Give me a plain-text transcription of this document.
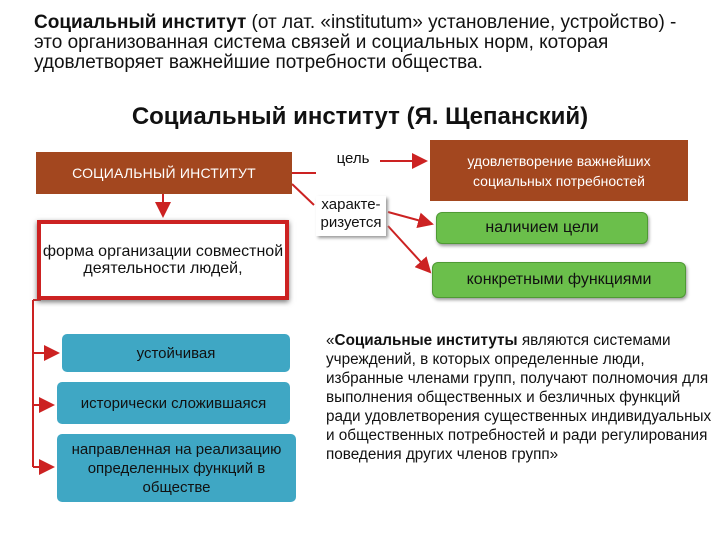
Социальный институт (от лат. «institutum» установление, устройство) - это организованная система связей и социальных норм, которая удовлетворяет важнейшие потребности общества.
Социальный институт (Я. Щепанский)
СОЦИАЛЬНЫЙ ИНСТИТУТ
цель	удовлетворение важнейших социальных потребностей
характе-
ризуется	наличием цели
конкретными функциями
форма организации совместной деятельности людей,
устойчивая
исторически сложившаяся
направленная на реализацию определенных функций в обществе
«Социальные институты являются системами учреждений, в которых определенные люди, избранные членами групп, получают полномочия для выполнения общественных и безличных функций ради удовлетворения существенных индивидуальных и общественных потребностей и ради регулирования поведения других членов групп»
